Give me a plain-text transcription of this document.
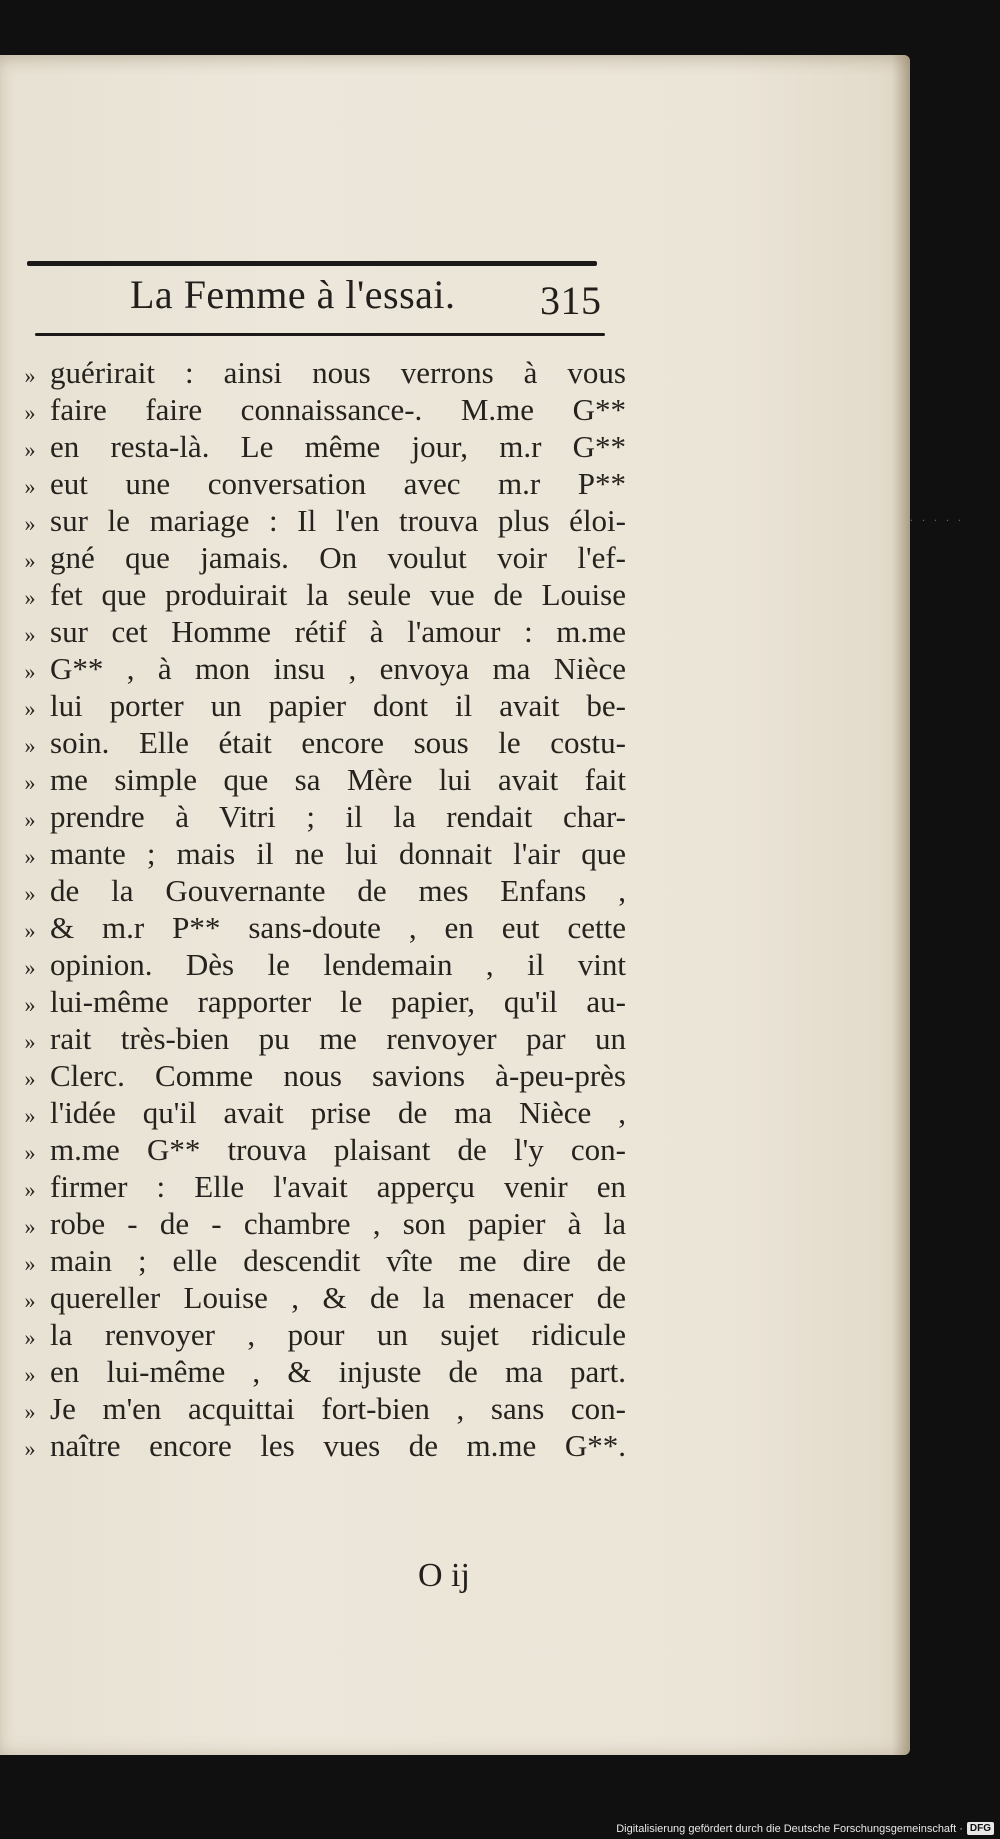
La Femme à l'essai. 315
» guérirait : ainsi nous verrons à vous
» faire faire connaissance-. M.me G**
» en resta-là. Le même jour, m.r G**
» eut une conversation avec m.r P**
» sur le mariage : Il l'en trouva plus éloi-
» gné que jamais. On voulut voir l'ef-
» fet que produirait la seule vue de Louise
» sur cet Homme rétif à l'amour : m.me
» G** , à mon insu , envoya ma Nièce
» lui porter un papier dont il avait be-
» soin. Elle était encore sous le costu-
» me simple que sa Mère lui avait fait
» prendre à Vitri ; il la rendait char-
» mante ; mais il ne lui donnait l'air que
» de la Gouvernante de mes Enfans ,
» & m.r P** sans-doute , en eut cette
» opinion. Dès le lendemain , il vint
» lui-même rapporter le papier, qu'il au-
» rait très-bien pu me renvoyer par un
» Clerc. Comme nous savions à-peu-près
» l'idée qu'il avait prise de ma Nièce ,
» m.me G** trouva plaisant de l'y con-
» firmer : Elle l'avait apperçu venir en
» robe - de - chambre , son papier à la
» main ; elle descendit vîte me dire de
» quereller Louise , & de la menacer de
» la renvoyer , pour un sujet ridicule
» en lui-même , & injuste de ma part.
» Je m'en acquittai fort-bien , sans con-
» naître encore les vues de m.me G**.
O ij
. . . . .
Digitalisierung gefördert durch die Deutsche Forschungsgemeinschaft · DFG
